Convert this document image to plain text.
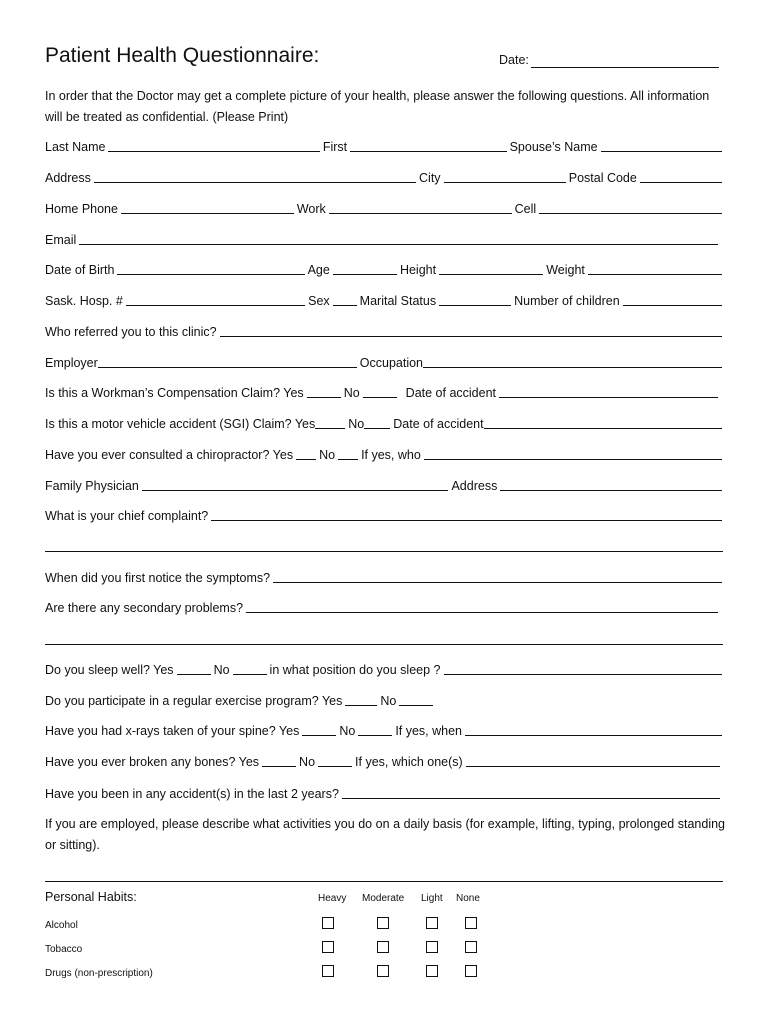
Patient Health Questionnaire:	Date:
In order that the Doctor may get a complete picture of your health, please answer the following questions. All information will be treated as confidential. (Please Print)
Last Name	First	Spouse’s Name
Address	City	Postal Code
Home Phone	Work	Cell
Email
Date of Birth	Age	Height	Weight
Sask. Hosp. #	Sex Marital Status	Number of children
Who referred you to this clinic?
Employer	Occupation
Is this a Workman’s Compensation Claim? Yes	No	Date of accident
Is this a motor vehicle accident (SGI) Claim? Yes	No Date of accident
Have you ever consulted a chiropractor? Yes No If yes, who
Family Physician	Address
What is your chief complaint?
When did you first notice the symptoms?
Are there any secondary problems?
Do you sleep well? Yes	No	in what position do you sleep ?
Do you participate in a regular exercise program? Yes	No
Have you had x-rays taken of your spine? Yes	No	If yes, when
Have you ever broken any bones? Yes	No	If yes, which one(s)
Have you been in any accident(s) in the last 2 years?
If you are employed, please describe what activities you do on a daily basis (for example, lifting, typing, prolonged standing or sitting).
Personal Habits:	Heavy Moderate Light None
Alcohol
Tobacco
Drugs (non-prescription)
